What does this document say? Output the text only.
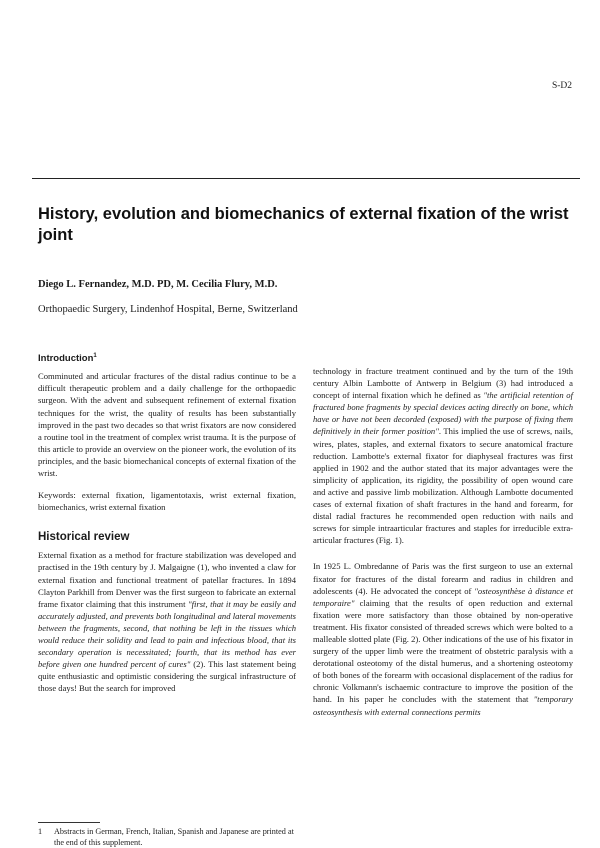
S-D2
History, evolution and biomechanics of external fixation of the wrist joint

Diego L. Fernandez, M.D. PD, M. Cecilia Flury, M.D.

Orthopaedic Surgery, Lindenhof Hospital, Berne, Switzerland

Introduction$^1$

Comminuted and articular fractures of the distal radius continue to be a difficult therapeutic problem and a daily challenge for the orthopaedic surgeon. With the advent and subsequent refinement of external fixation techniques for the wrist, the quality of results has been substantially improved in the past two decades so that wrist fixators are now considered a routine tool in the treatment of complex wrist trauma. It is the purpose of this article to provide an overview on the pioneer work, the evolution of its principles, and the basic biomechanical concepts of external fixation of the wrist.

Keywords: external fixation, ligamentotaxis, wrist external fixation, biomechanics, wrist external fixation

Historical review

External fixation as a method for fracture stabilization was developed and practised in the 19th century by J. Malgaigne (1), who invented a claw for external fixation and functional treatment of patellar fractures. In 1894 Clayton Parkhill from Denver was the first surgeon to fabricate an external frame fixator claiming that this instrument "first, that it may be easily and accurately adjusted, and prevents both longitudinal and lateral movements between the fragments, second, that nothing be left in the tissues which would reduce their solidity and lead to pain and infectious blood, that its secondary operation is necessitated; fourth, that its method has ever before given one hundred percent of cures" (2). This last statement being quite enthusiastic and optimistic considering the surgical infrastructure of those days! But the search for improved

technology in fracture treatment continued and by the turn of the 19th century Albin Lambotte of Antwerp in Belgium (3) had introduced a concept of internal fixation which he defined as "the artificial retention of fractured bone fragments by special devices acting directly on bone, which have or have not been decorded (exposed) with the purpose of fixing them definitively in their former position". This implied the use of screws, nails, wires, plates, staples, and external fixators to secure anatomical fracture reduction. Lambotte's external fixator for diaphyseal fractures was first applied in 1902 and the author stated that its major advantages were the simplicity of application, its rigidity, the possibility of open wound care and active and passive limb mobilization. Although Lambotte documented cases of external fixation of shaft fractures in the hand and forearm, for distal radial fractures he recommended open reduction with nails and screws for simple intraarticular fractures and staples for irreducible extra-articular fractures (Fig. 1).

In 1925 L. Ombredanne of Paris was the first surgeon to use an external fixator for fractures of the distal forearm and radius in children and adolescents (4). He advocated the concept of "osteosynthèse à distance et temporaire" claiming that the results of open reduction and external fixation were more satisfactory than those obtained by non-operative treatment. His fixator consisted of threaded screws which were bolted to a malleable slotted plate (Fig. 2). Other indications of the use of his fixator in surgery of the upper limb were the treatment of obstetric paralysis with a derotational osteotomy of the distal humerus, and a shortening osteotomy of both bones of the forearm with occasional displacement of the radius for chronic Volkmann's ischaemic contracture to improve the position of the hand. In his paper he concludes with the statement that "temporary osteosynthesis with external connections permits

1	Abstracts in German, French, Italian, Spanish and Japanese are printed at the end of this supplement.
